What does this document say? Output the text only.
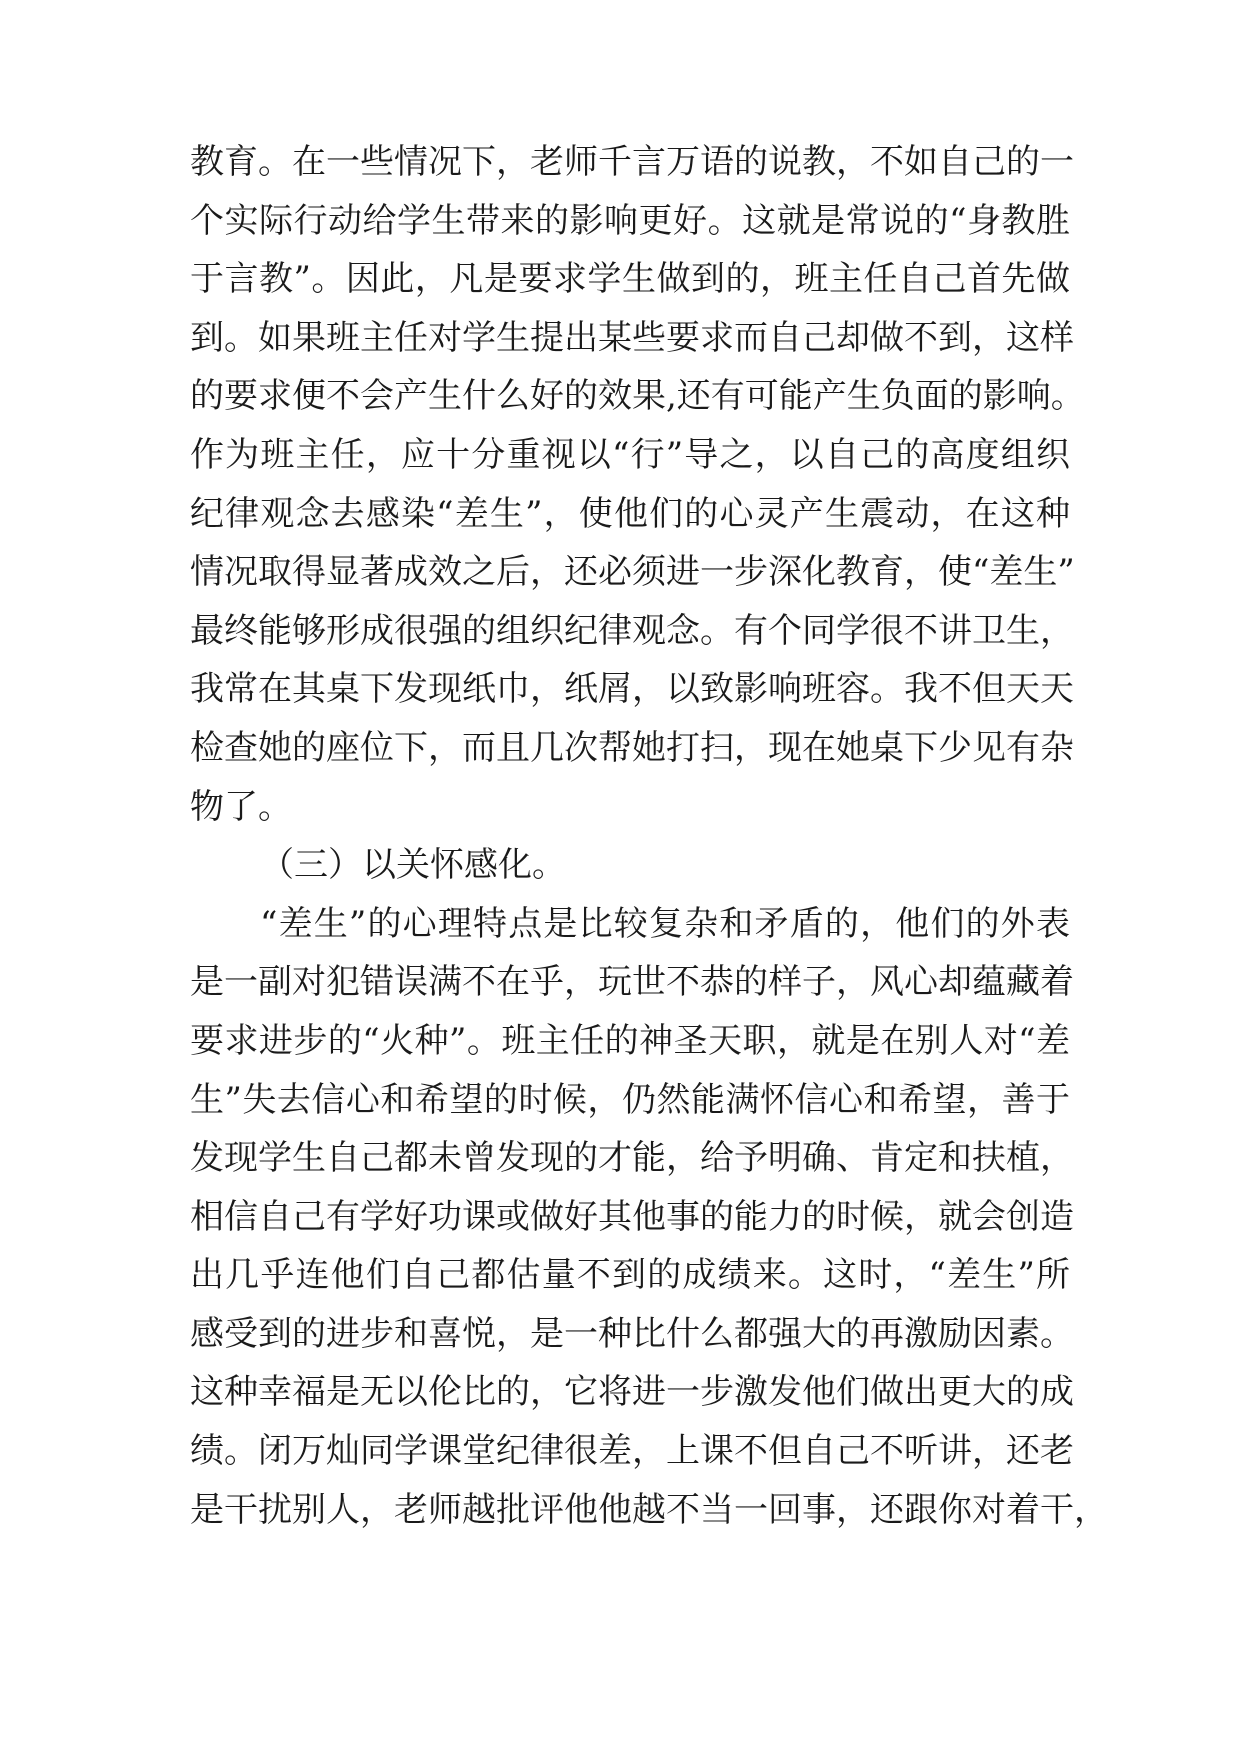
教育。在一些情况下，老师千言万语的说教，不如自己的一
个实际行动给学生带来的影响更好。这就是常说的“身教胜
于言教”。因此，凡是要求学生做到的，班主任自己首先做
到。如果班主任对学生提出某些要求而自己却做不到，这样
的要求便不会产生什么好的效果,还有可能产生负面的影响。
作为班主任，应十分重视以“行”导之，以自己的高度组织
纪律观念去感染“差生”，使他们的心灵产生震动，在这种
情况取得显著成效之后，还必须进一步深化教育，使“差生”
最终能够形成很强的组织纪律观念。有个同学很不讲卫生，
我常在其桌下发现纸巾，纸屑，以致影响班容。我不但天天
检查她的座位下，而且几次帮她打扫，现在她桌下少见有杂
物了。
（三）以关怀感化。
“差生”的心理特点是比较复杂和矛盾的，他们的外表
是一副对犯错误满不在乎，玩世不恭的样子，风心却蕴藏着
要求进步的“火种”。班主任的神圣天职，就是在别人对“差
生”失去信心和希望的时候，仍然能满怀信心和希望，善于
发现学生自己都未曾发现的才能，给予明确、肯定和扶植，
相信自己有学好功课或做好其他事的能力的时候，就会创造
出几乎连他们自己都估量不到的成绩来。这时，“差生”所
感受到的进步和喜悦，是一种比什么都强大的再激励因素。
这种幸福是无以伦比的，它将进一步激发他们做出更大的成
绩。闭万灿同学课堂纪律很差，上课不但自己不听讲，还老
是干扰别人，老师越批评他他越不当一回事，还跟你对着干，
